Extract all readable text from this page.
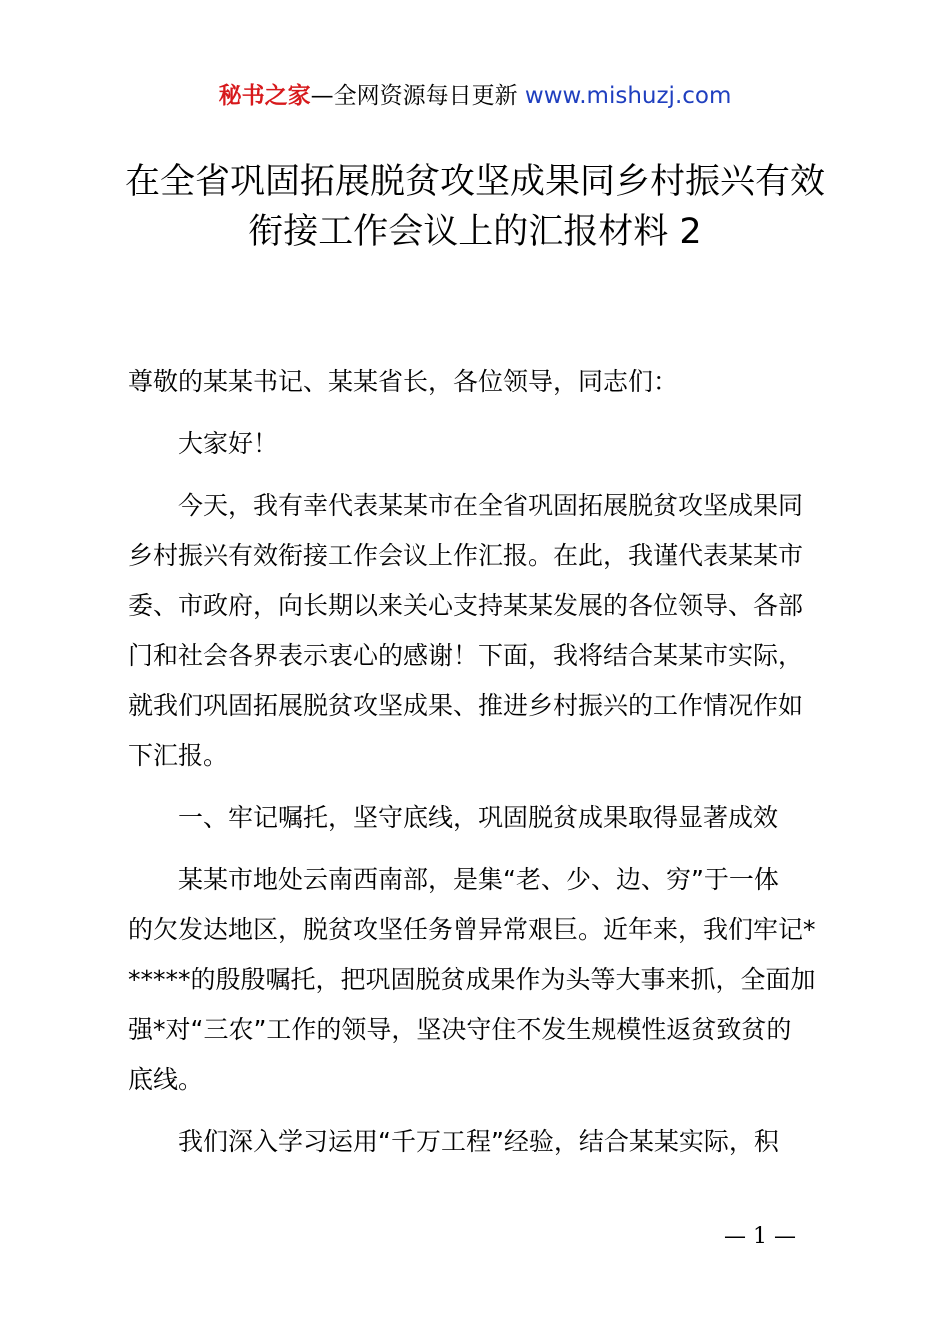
秘书之家—全网资源每日更新 www.mishuzj.com
在全省巩固拓展脱贫攻坚成果同乡村振兴有效
衔接工作会议上的汇报材料 2

尊敬的某某书记、某某省长，各位领导，同志们：

大家好！

今天，我有幸代表某某市在全省巩固拓展脱贫攻坚成果同
乡村振兴有效衔接工作会议上作汇报。在此，我谨代表某某市
委、市政府，向长期以来关心支持某某发展的各位领导、各部
门和社会各界表示衷心的感谢！下面，我将结合某某市实际，
就我们巩固拓展脱贫攻坚成果、推进乡村振兴的工作情况作如
下汇报。

一、牢记嘱托，坚守底线，巩固脱贫成果取得显著成效

某某市地处云南西南部，是集“老、少、边、穷”于一体
的欠发达地区，脱贫攻坚任务曾异常艰巨。近年来，我们牢记*
*****的殷殷嘱托，把巩固脱贫成果作为头等大事来抓，全面加
强*对“三农”工作的领导，坚决守住不发生规模性返贫致贫的
底线。

我们深入学习运用“千万工程”经验，结合某某实际，积

— 1 —
